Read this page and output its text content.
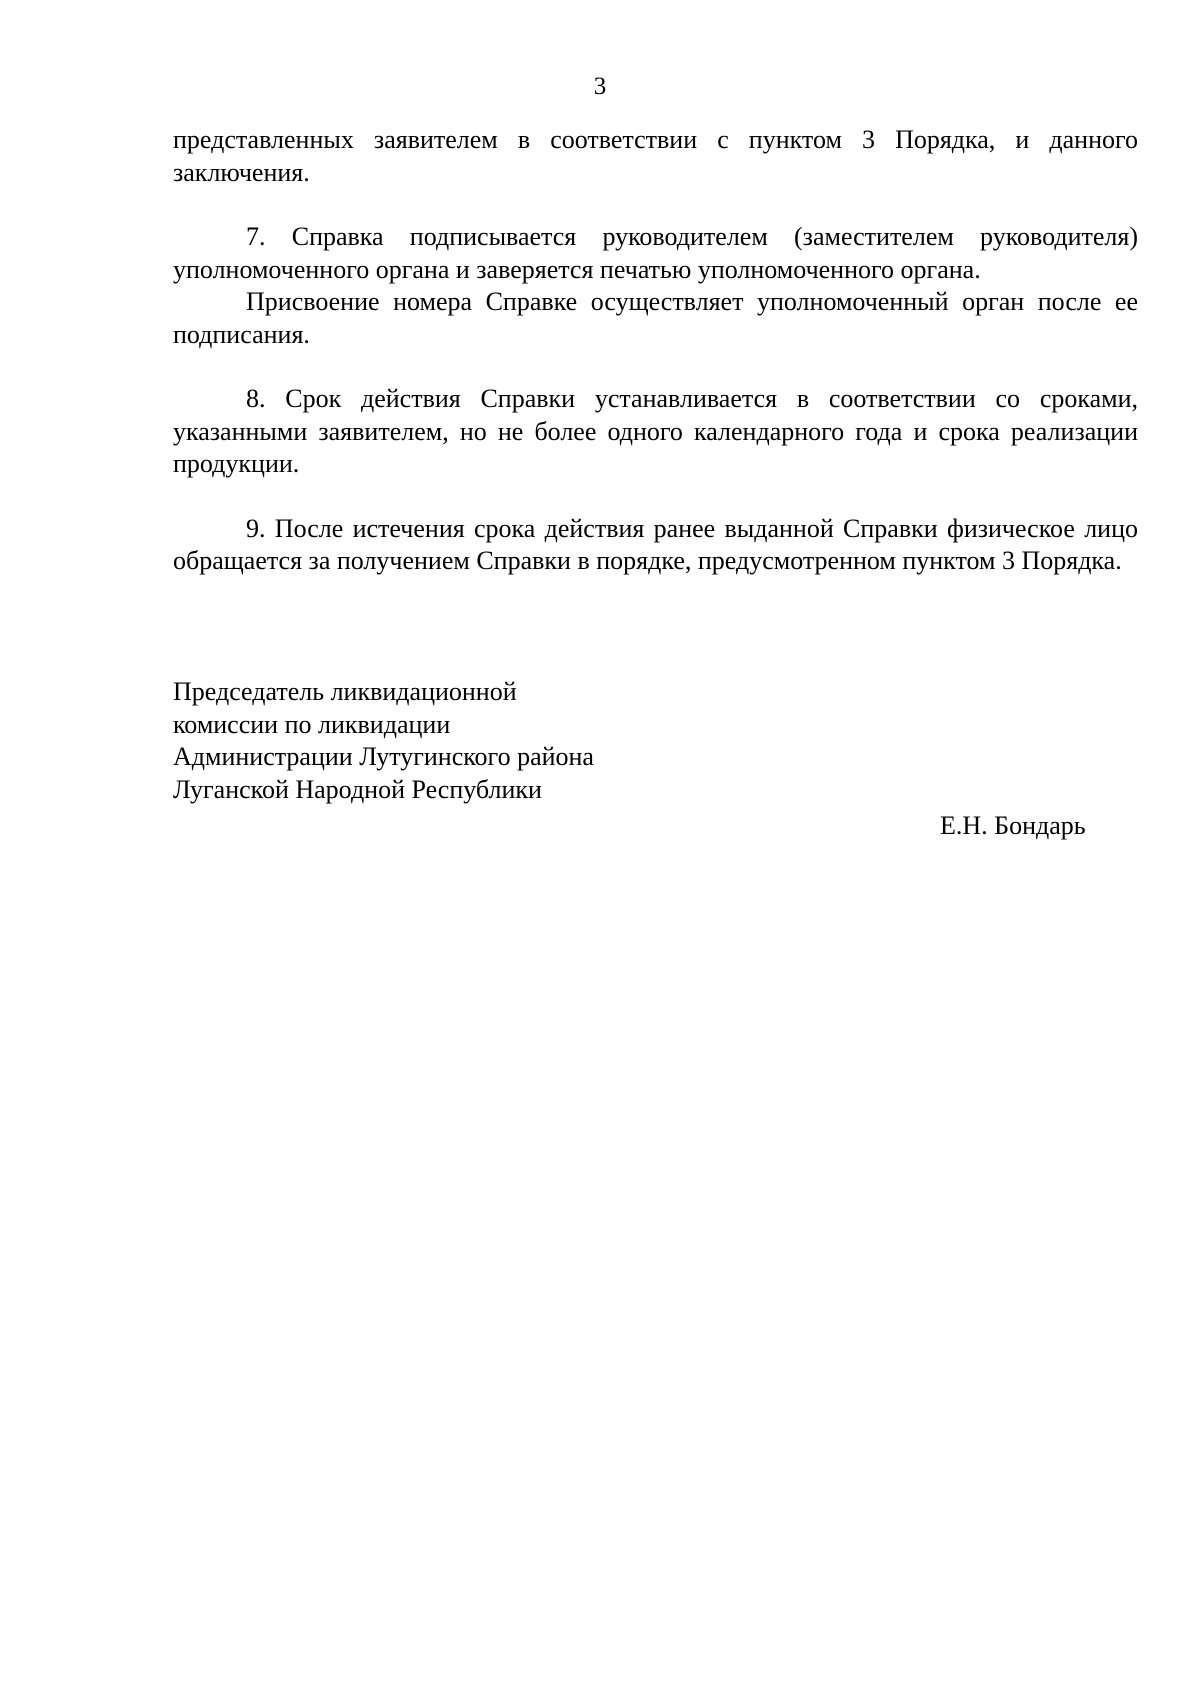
3

представленных заявителем в соответствии с пунктом 3 Порядка, и данного заключения.

7. Справка подписывается руководителем (заместителем руководителя) уполномоченного органа и заверяется печатью уполномоченного органа.

Присвоение номера Справке осуществляет уполномоченный орган после ее подписания.

8. Срок действия Справки устанавливается в соответствии со сроками, указанными заявителем, но не более одного календарного года и срока реализации продукции.

9. После истечения срока действия ранее выданной Справки физическое лицо обращается за получением Справки в порядке, предусмотренном пунктом 3 Порядка.

Председатель ликвидационной
комиссии по ликвидации
Администрации Лутугинского района
Луганской Народной Республики
Е.Н. Бондарь
